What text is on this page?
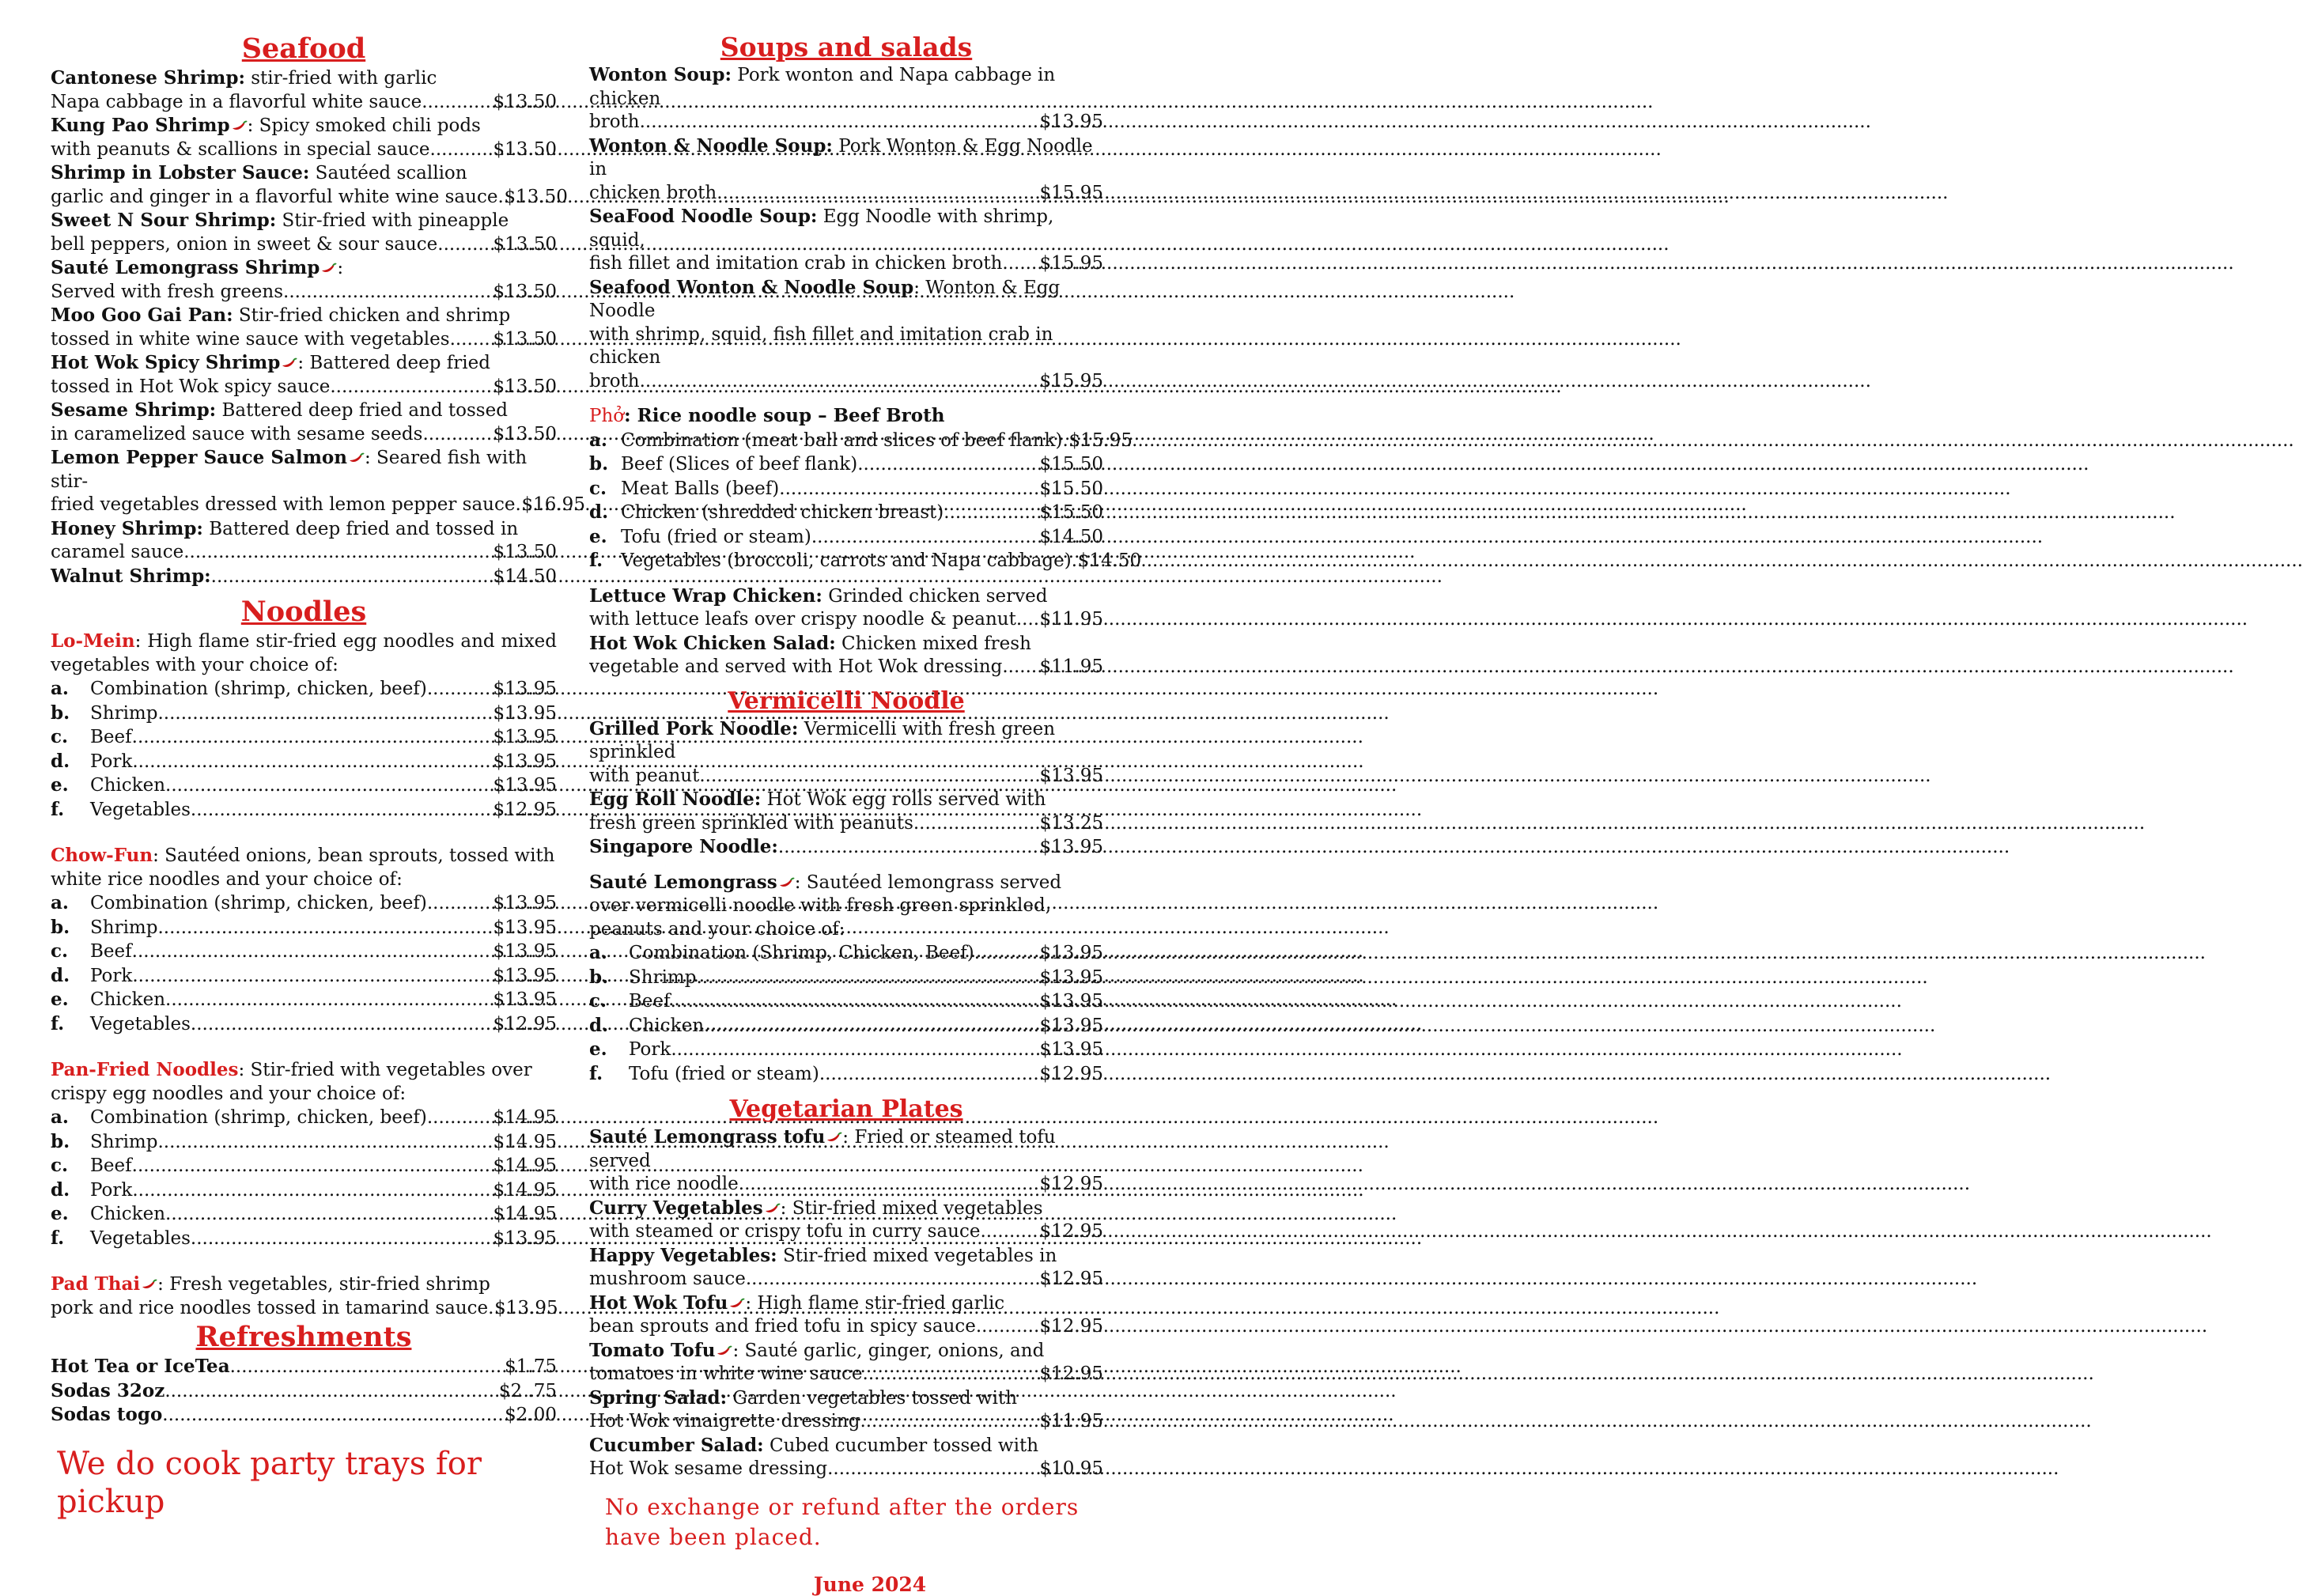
Seafood
Cantonese Shrimp: stir-fried with garlic
Napa cabbage in a flavorful white sauce .....	$13.50
Kung Pao Shrimp : Spicy smoked chili pods
with peanuts & scallions in special sauce .....	$13.50
Shrimp in Lobster Sauce: Sautéed scallion
garlic and ginger in a flavorful white wine sauce ..... $13.50
Sweet N Sour Shrimp: Stir-fried with pineapple
bell peppers, onion in sweet & sour sauce .....	$13.50
Sauté Lemongrass Shrimp :
Served with fresh greens .....	$13.50
Moo Goo Gai Pan: Stir-fried chicken and shrimp
tossed in white wine sauce with vegetables ..... $13.50
Hot Wok Spicy Shrimp : Battered deep fried
tossed in Hot Wok spicy sauce .....	$13.50
Sesame Shrimp: Battered deep fried and tossed
in caramelized sauce with sesame seeds .....	$13.50
Lemon Pepper Sauce Salmon : Seared fish with stir-
fried vegetables dressed with lemon pepper sauce ..... $16.95
Honey Shrimp: Battered deep fried and tossed in
caramel sauce .....	$13.50
Walnut Shrimp: .....	$14.50
Noodles
Lo-Mein: High flame stir-fried egg noodles and mixed vegetables with your choice of:
a.	Combination (shrimp, chicken, beef) .....	$13.95
b.	Shrimp .....	$13.95
c.	Beef .....	$13.95
d.	Pork .....	$13.95
e.	Chicken .....	$13.95
f.	Vegetables .....	$12.95
Chow-Fun: Sautéed onions, bean sprouts, tossed with white rice noodles and your choice of:
a.	Combination (shrimp, chicken, beef) .....	$13.95
b.	Shrimp .....	$13.95
c.	Beef .....	$13.95
d.	Pork .....	$13.95
e.	Chicken .....	$13.95
f.	Vegetables .....	$12.95
Pan-Fried Noodles: Stir-fried with vegetables over crispy egg noodles and your choice of:
a.	Combination (shrimp, chicken, beef) .....	$14.95
b.	Shrimp .....	$14.95
c.	Beef .....	$14.95
d.	Pork .....	$14.95
e.	Chicken .....	$14.95
f.	Vegetables .....	$13.95
Pad Thai : Fresh vegetables, stir-fried shrimp
pork and rice noodles tossed in tamarind sauce ..... $13.95
Refreshments
Hot Tea or IceTea .....	$1.75
Sodas 32oz .....	$2 .75
Sodas togo .....	$2.00
We do cook party trays for pickup
Soups and salads
Wonton Soup: Pork wonton and Napa cabbage in chicken
broth .....	$13.95
Wonton & Noodle Soup: Pork Wonton & Egg Noodle in
chicken broth .....	$15.95
SeaFood Noodle Soup: Egg Noodle with shrimp, squid,
fish fillet and imitation crab in chicken broth ..... $15.95
Seafood Wonton & Noodle Soup: Wonton & Egg Noodle
with shrimp, squid, fish fillet and imitation crab in chicken
broth .....	$15.95
Phở: Rice noodle soup – Beef Broth
a. Combination (meat ball and slices of beef flank) ..... $15.95
b. Beef (Slices of beef flank) .....	$15.50
c. Meat Balls (beef) .....	$15.50
d. Chicken (shredded chicken breast) .....	$15.50
e. Tofu (fried or steam) .....	$14.50
f. Vegetables (broccoli, carrots and Napa cabbage) ..... $14.50
Lettuce Wrap Chicken: Grinded chicken served
with lettuce leafs over crispy noodle & peanut ..... $11.95
Hot Wok Chicken Salad: Chicken mixed fresh
vegetable and served with Hot Wok dressing ..... $11.95
Vermicelli Noodle
Grilled Pork Noodle: Vermicelli with fresh green sprinkled
with peanut .....	$13.95
Egg Roll Noodle: Hot Wok egg rolls served with
fresh green sprinkled with peanuts .....	$13.25
Singapore Noodle: .....	$13.95
Sauté Lemongrass : Sautéed lemongrass served over vermicelli noodle with fresh green sprinkled, peanuts and your choice of:
a.	Combination (Shrimp, Chicken, Beef) .....	$13.95
b.	Shrimp .....	$13.95
c.	Beef .....	$13.95
d.	Chicken .....	$13.95
e.	Pork .....	$13.95
f.	Tofu (fried or steam) .....	$12.95
Vegetarian Plates
Sauté Lemongrass tofu : Fried or steamed tofu served
with rice noodle .....	$12.95
Curry Vegetables : Stir-fried mixed vegetables
with steamed or crispy tofu in curry sauce .....	$12.95
Happy Vegetables: Stir-fried mixed vegetables in
mushroom sauce .....	$12.95
Hot Wok Tofu : High flame stir-fried garlic
bean sprouts and fried tofu in spicy sauce .....	$12.95
Tomato Tofu : Sauté garlic, ginger, onions, and
tomatoes in white wine sauce .....	$12.95
Spring Salad: Garden vegetables tossed with
Hot Wok vinaigrette dressing .....	$11.95
Cucumber Salad: Cubed cucumber tossed with
Hot Wok sesame dressing .....	$10.95
No exchange or refund after the orders have been placed.
June 2024
